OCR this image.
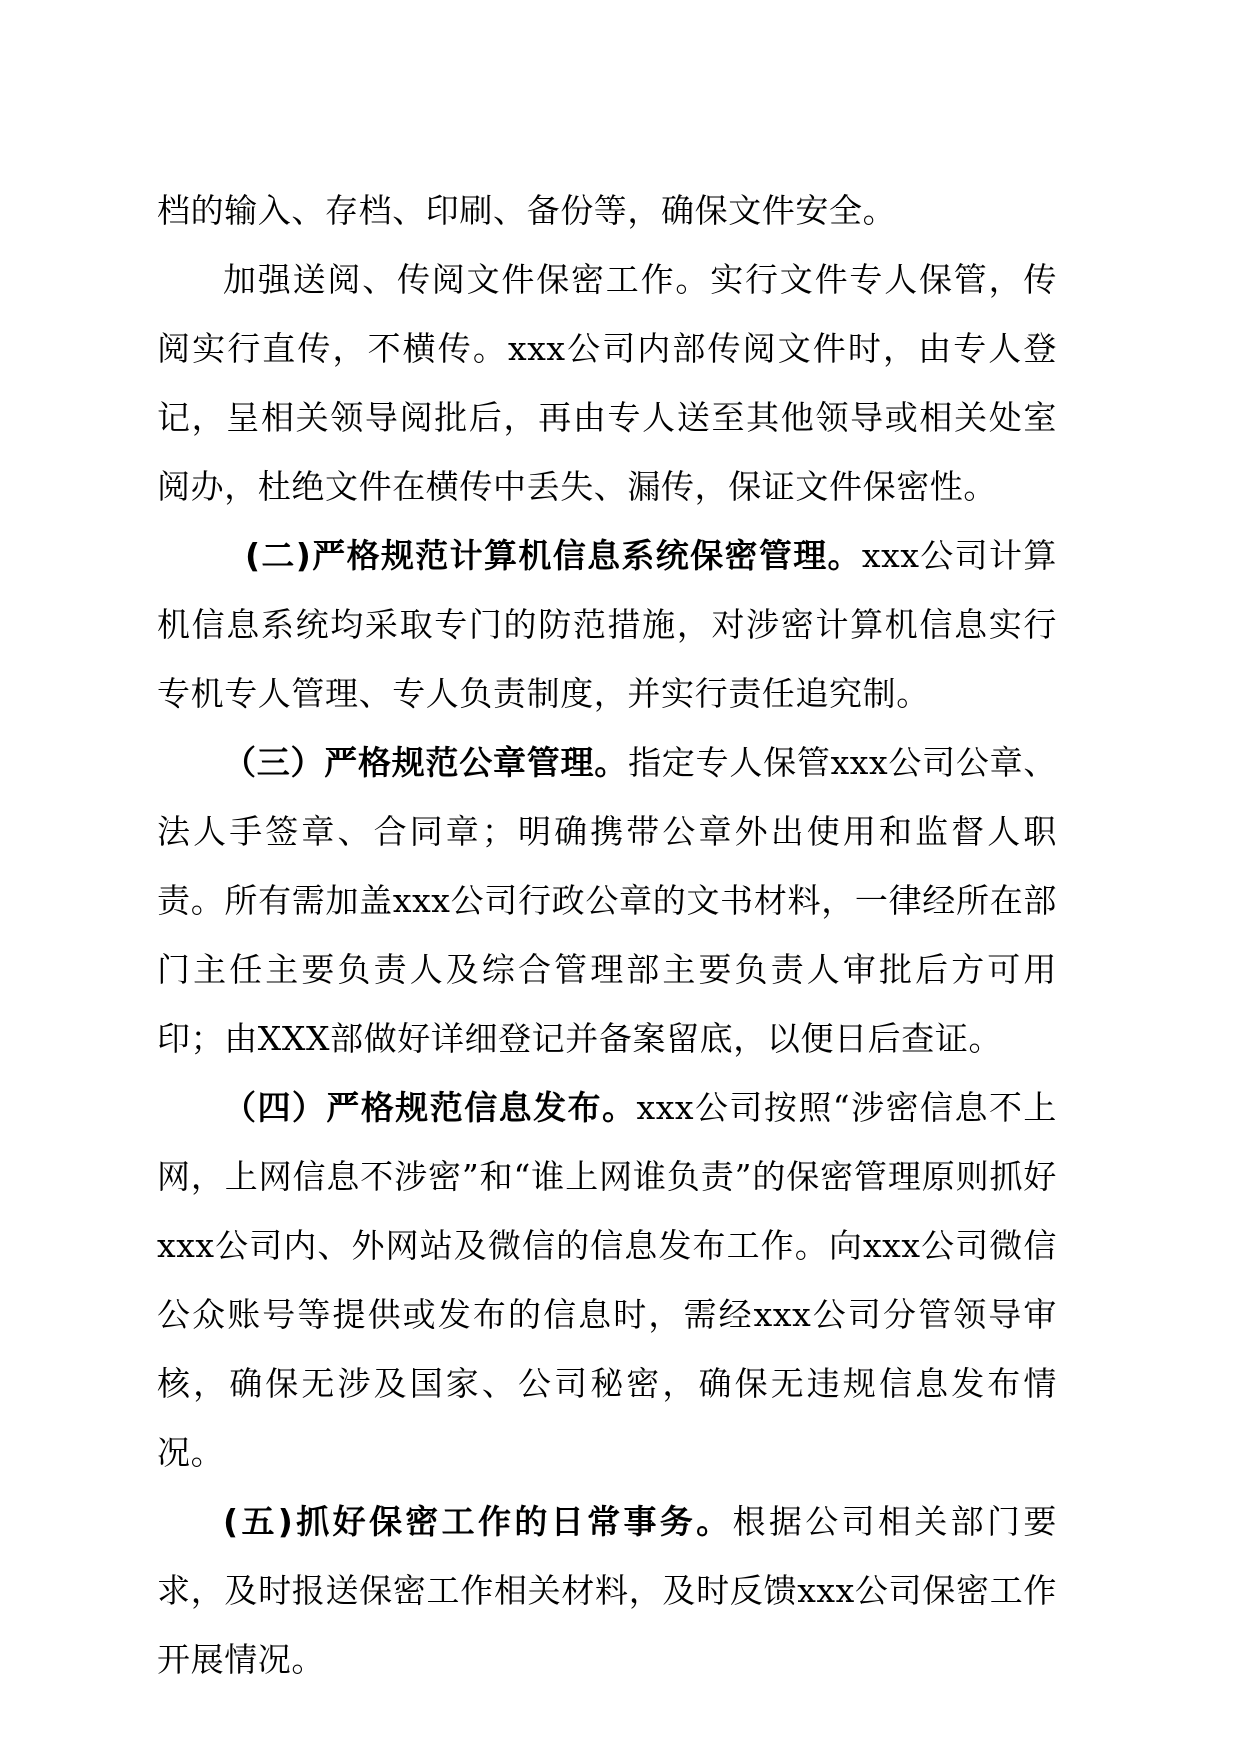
档的输入、存档、印刷、备份等，确保文件安全。

加强送阅、传阅文件保密工作。实行文件专人保管，传阅实行直传，不横传。xxx公司内部传阅文件时，由专人登记，呈相关领导阅批后，再由专人送至其他领导或相关处室阅办，杜绝文件在横传中丢失、漏传，保证文件保密性。

(二)严格规范计算机信息系统保密管理。xxx公司计算机信息系统均采取专门的防范措施，对涉密计算机信息实行专机专人管理、专人负责制度，并实行责任追究制。

（三）严格规范公章管理。指定专人保管xxx公司公章、法人手签章、合同章；明确携带公章外出使用和监督人职责。所有需加盖xxx公司行政公章的文书材料，一律经所在部门主任主要负责人及综合管理部主要负责人审批后方可用印；由XXX部做好详细登记并备案留底，以便日后查证。

（四）严格规范信息发布。xxx公司按照“涉密信息不上网，上网信息不涉密”和“谁上网谁负责”的保密管理原则抓好xxx公司内、外网站及微信的信息发布工作。向xxx公司微信公众账号等提供或发布的信息时，需经xxx公司分管领导审核，确保无涉及国家、公司秘密，确保无违规信息发布情况。

(五)抓好保密工作的日常事务。根据公司相关部门要求，及时报送保密工作相关材料，及时反馈xxx公司保密工作开展情况。
